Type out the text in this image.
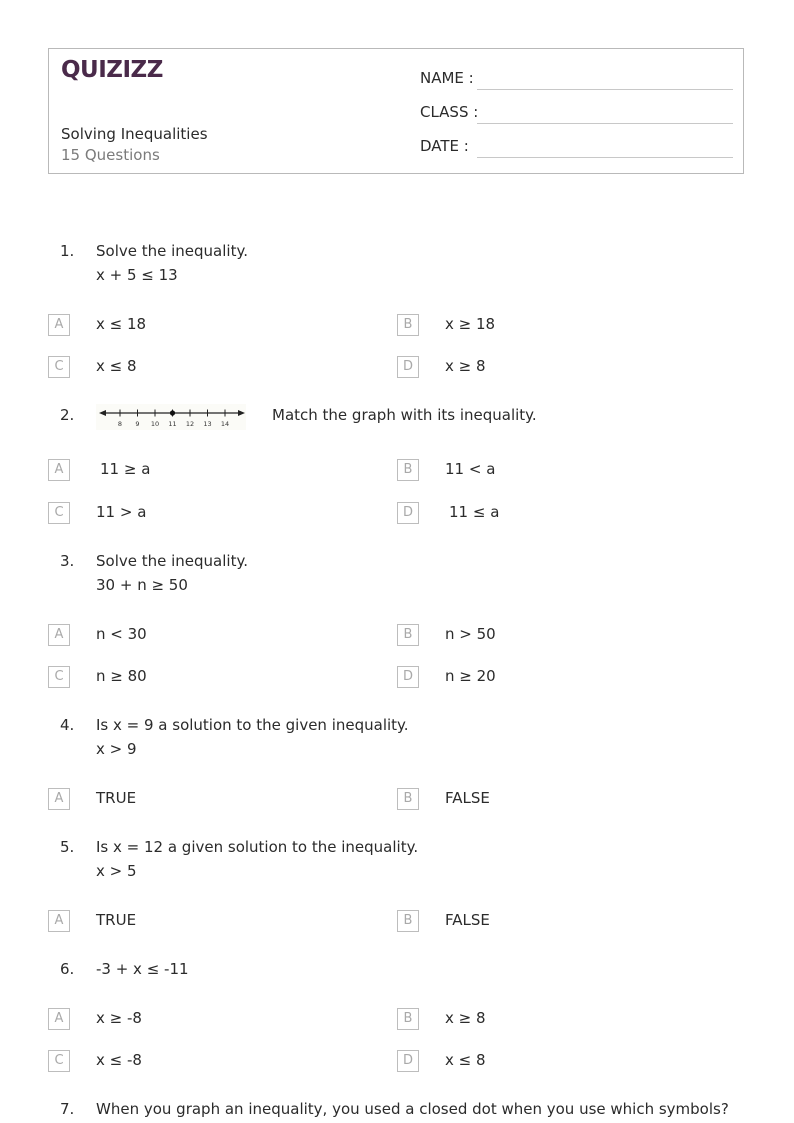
QUIZIZZ
Solving Inequalities
15 Questions
NAME :
CLASS :
DATE :
1. Solve the inequality.
x + 5 ≤ 13
A	x ≤ 18	B	x ≥ 18
C	x ≤ 8	D	x ≥ 8
2.	8 9 10 11 12 13 14	Match the graph with its inequality.
A	11 ≥ a	B	11 < a
C	11 > a	D	11 ≤ a
3. Solve the inequality.
30 + n ≥ 50
A	n < 30	B	n > 50
C	n ≥ 80	D	n ≥ 20
4. Is x = 9 a solution to the given inequality.
x > 9
A	TRUE	B	FALSE
5. Is x = 12 a given solution to the inequality.
x > 5
A	TRUE	B	FALSE
6. -3 + x ≤ -11
A	x ≥ -8	B	x ≥ 8
C	x ≤ -8	D	x ≤ 8
7. When you graph an inequality, you used a closed dot when you use which symbols?
